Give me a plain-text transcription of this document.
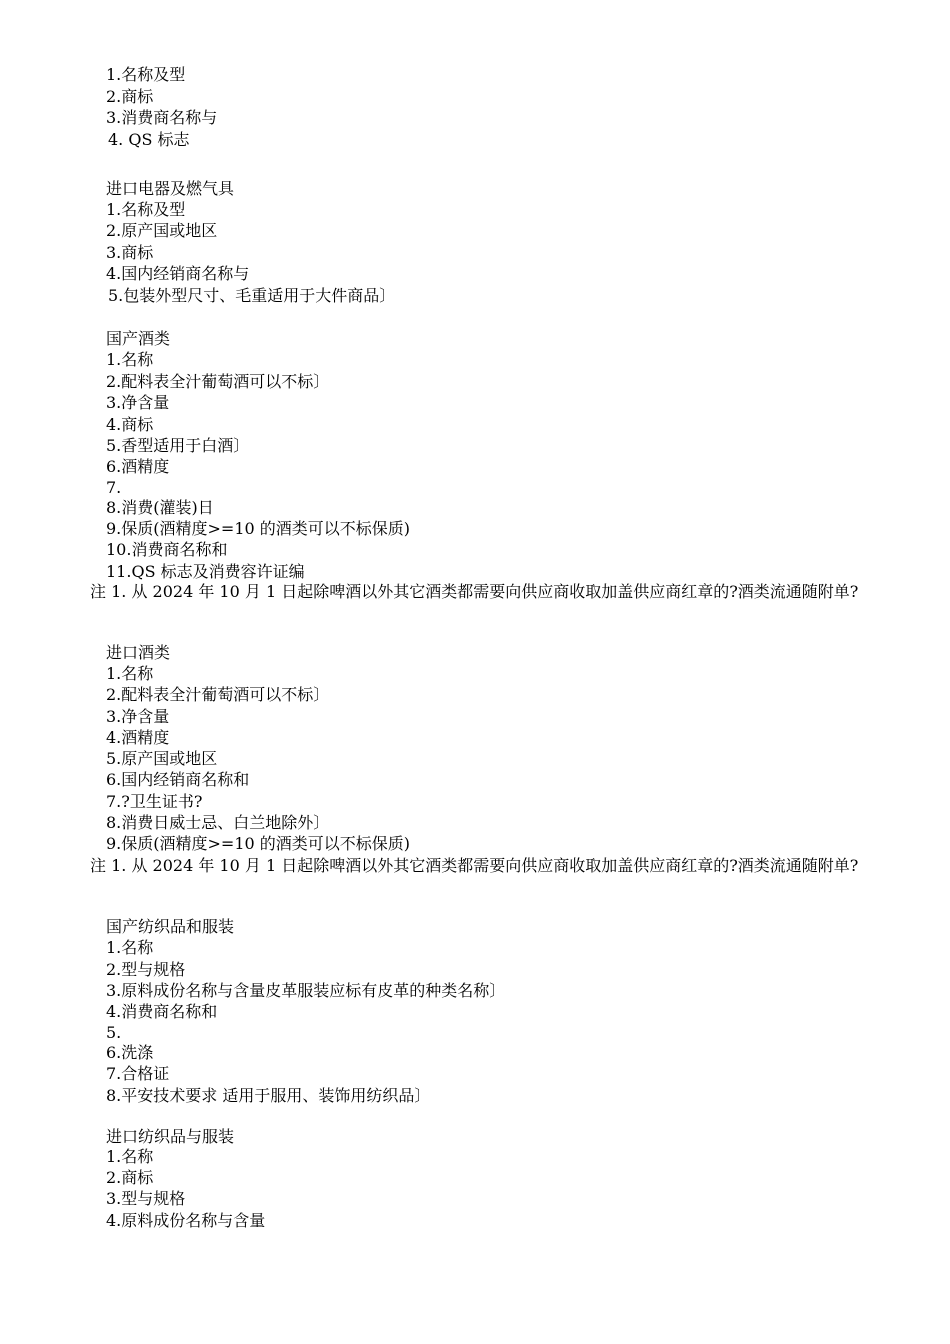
1.名称及型
2.商标
3.消费商名称与
4. QS 标志
进口电器及燃气具
1.名称及型
2.原产国或地区
3.商标
4.国内经销商名称与
5.包装外型尺寸、毛重适用于大件商品〕
国产酒类
1.名称
2.配料表全汁葡萄酒可以不标〕
3.净含量
4.商标
5.香型适用于白酒〕
6.酒精度
7.
8.消费(灌装)日
9.保质(酒精度>=10 的酒类可以不标保质)
10.消费商名称和
11.QS 标志及消费容许证编
注 1. 从 2024 年 10 月 1 日起除啤酒以外其它酒类都需要向供应商收取加盖供应商红章的?酒类流通随附单?
进口酒类
1.名称
2.配料表全汁葡萄酒可以不标〕
3.净含量
4.酒精度
5.原产国或地区
6.国内经销商名称和
7.?卫生证书?
8.消费日威士忌、白兰地除外〕
9.保质(酒精度>=10 的酒类可以不标保质)
注 1. 从 2024 年 10 月 1 日起除啤酒以外其它酒类都需要向供应商收取加盖供应商红章的?酒类流通随附单?
国产纺织品和服装
1.名称
2.型与规格
3.原料成份名称与含量皮革服装应标有皮革的种类名称〕
4.消费商名称和
5.
6.洗涤
7.合格证
8.平安技术要求 适用于服用、装饰用纺织品〕
进口纺织品与服装
1.名称
2.商标
3.型与规格
4.原料成份名称与含量
